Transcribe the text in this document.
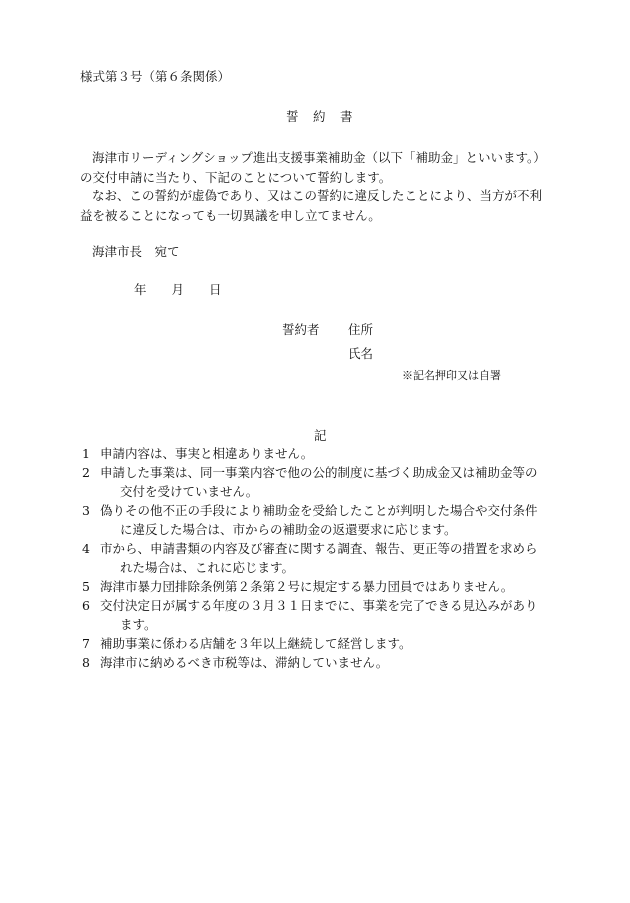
様式第３号（第６条関係）
誓　約　書
海津市リーディングショップ進出支援事業補助金（以下「補助金」といいます。）の交付申請に当たり、下記のことについて誓約します。
なお、この誓約が虚偽であり、又はこの誓約に違反したことにより、当方が不利益を被ることになっても一切異議を申し立てません。
海津市長　宛て
年　　月　　日
誓約者 住所
氏名
※記名押印又は自署
記
1 申請内容は、事実と相違ありません。
2 申請した事業は、同一事業内容で他の公的制度に基づく助成金又は補助金等の交付を受けていません。
3 偽りその他不正の手段により補助金を受給したことが判明した場合や交付条件に違反した場合は、市からの補助金の返還要求に応じます。
4 市から、申請書類の内容及び審査に関する調査、報告、更正等の措置を求められた場合は、これに応じます。
5 海津市暴力団排除条例第２条第２号に規定する暴力団員ではありません。
6 交付決定日が属する年度の３月３１日までに、事業を完了できる見込みがあります。
7 補助事業に係わる店舗を３年以上継続して経営します。
8 海津市に納めるべき市税等は、滞納していません。
